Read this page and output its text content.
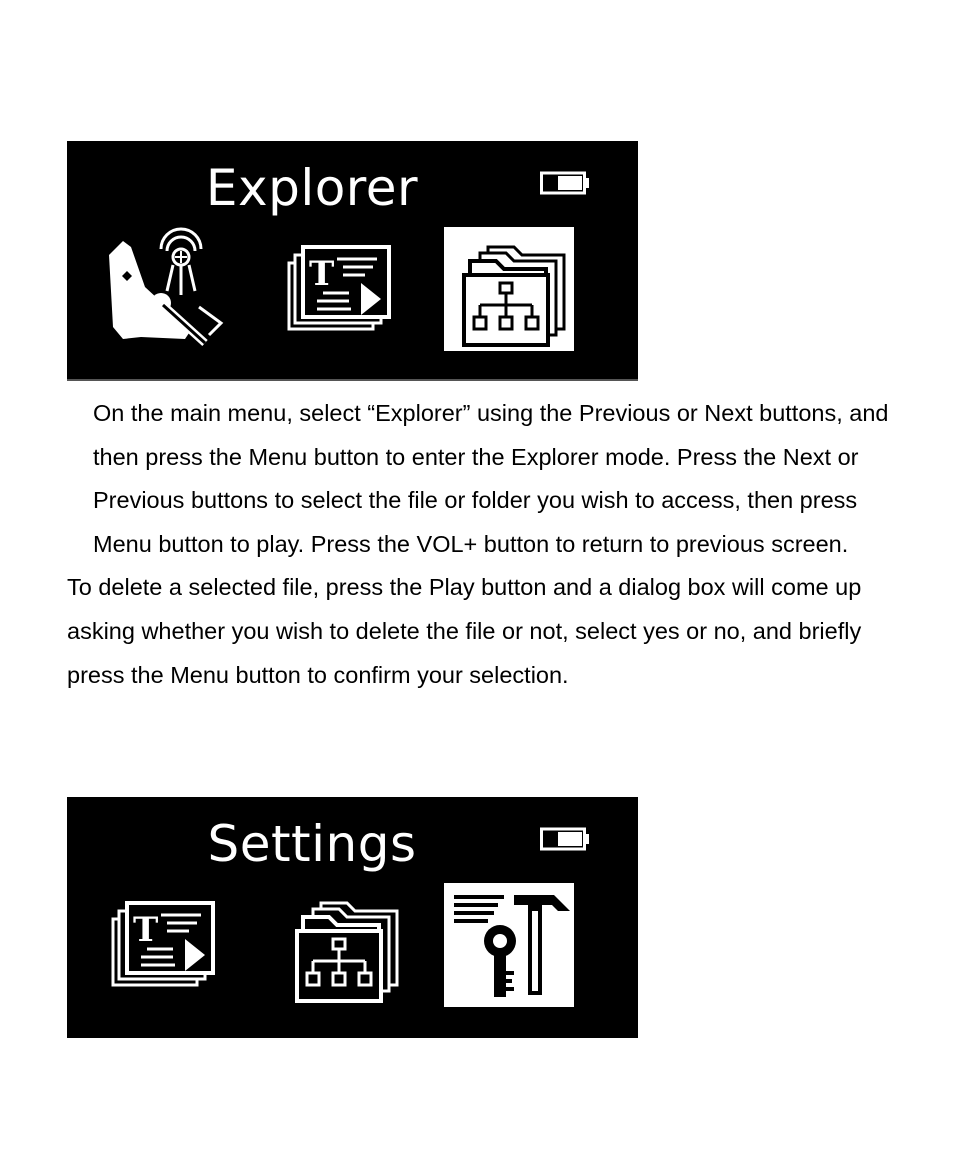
Explorer
T

On the main menu, select “Explorer” using the Previous or Next buttons, and then press the Menu button to enter the Explorer mode. Press the Next or Previous buttons to select the file or folder you wish to access, then press Menu button to play. Press the VOL+ button to return to previous screen.

To delete a selected file, press the Play button and a dialog box will come up asking whether you wish to delete the file or not, select yes or no, and briefly press the Menu button to confirm your selection.

Settings
T
